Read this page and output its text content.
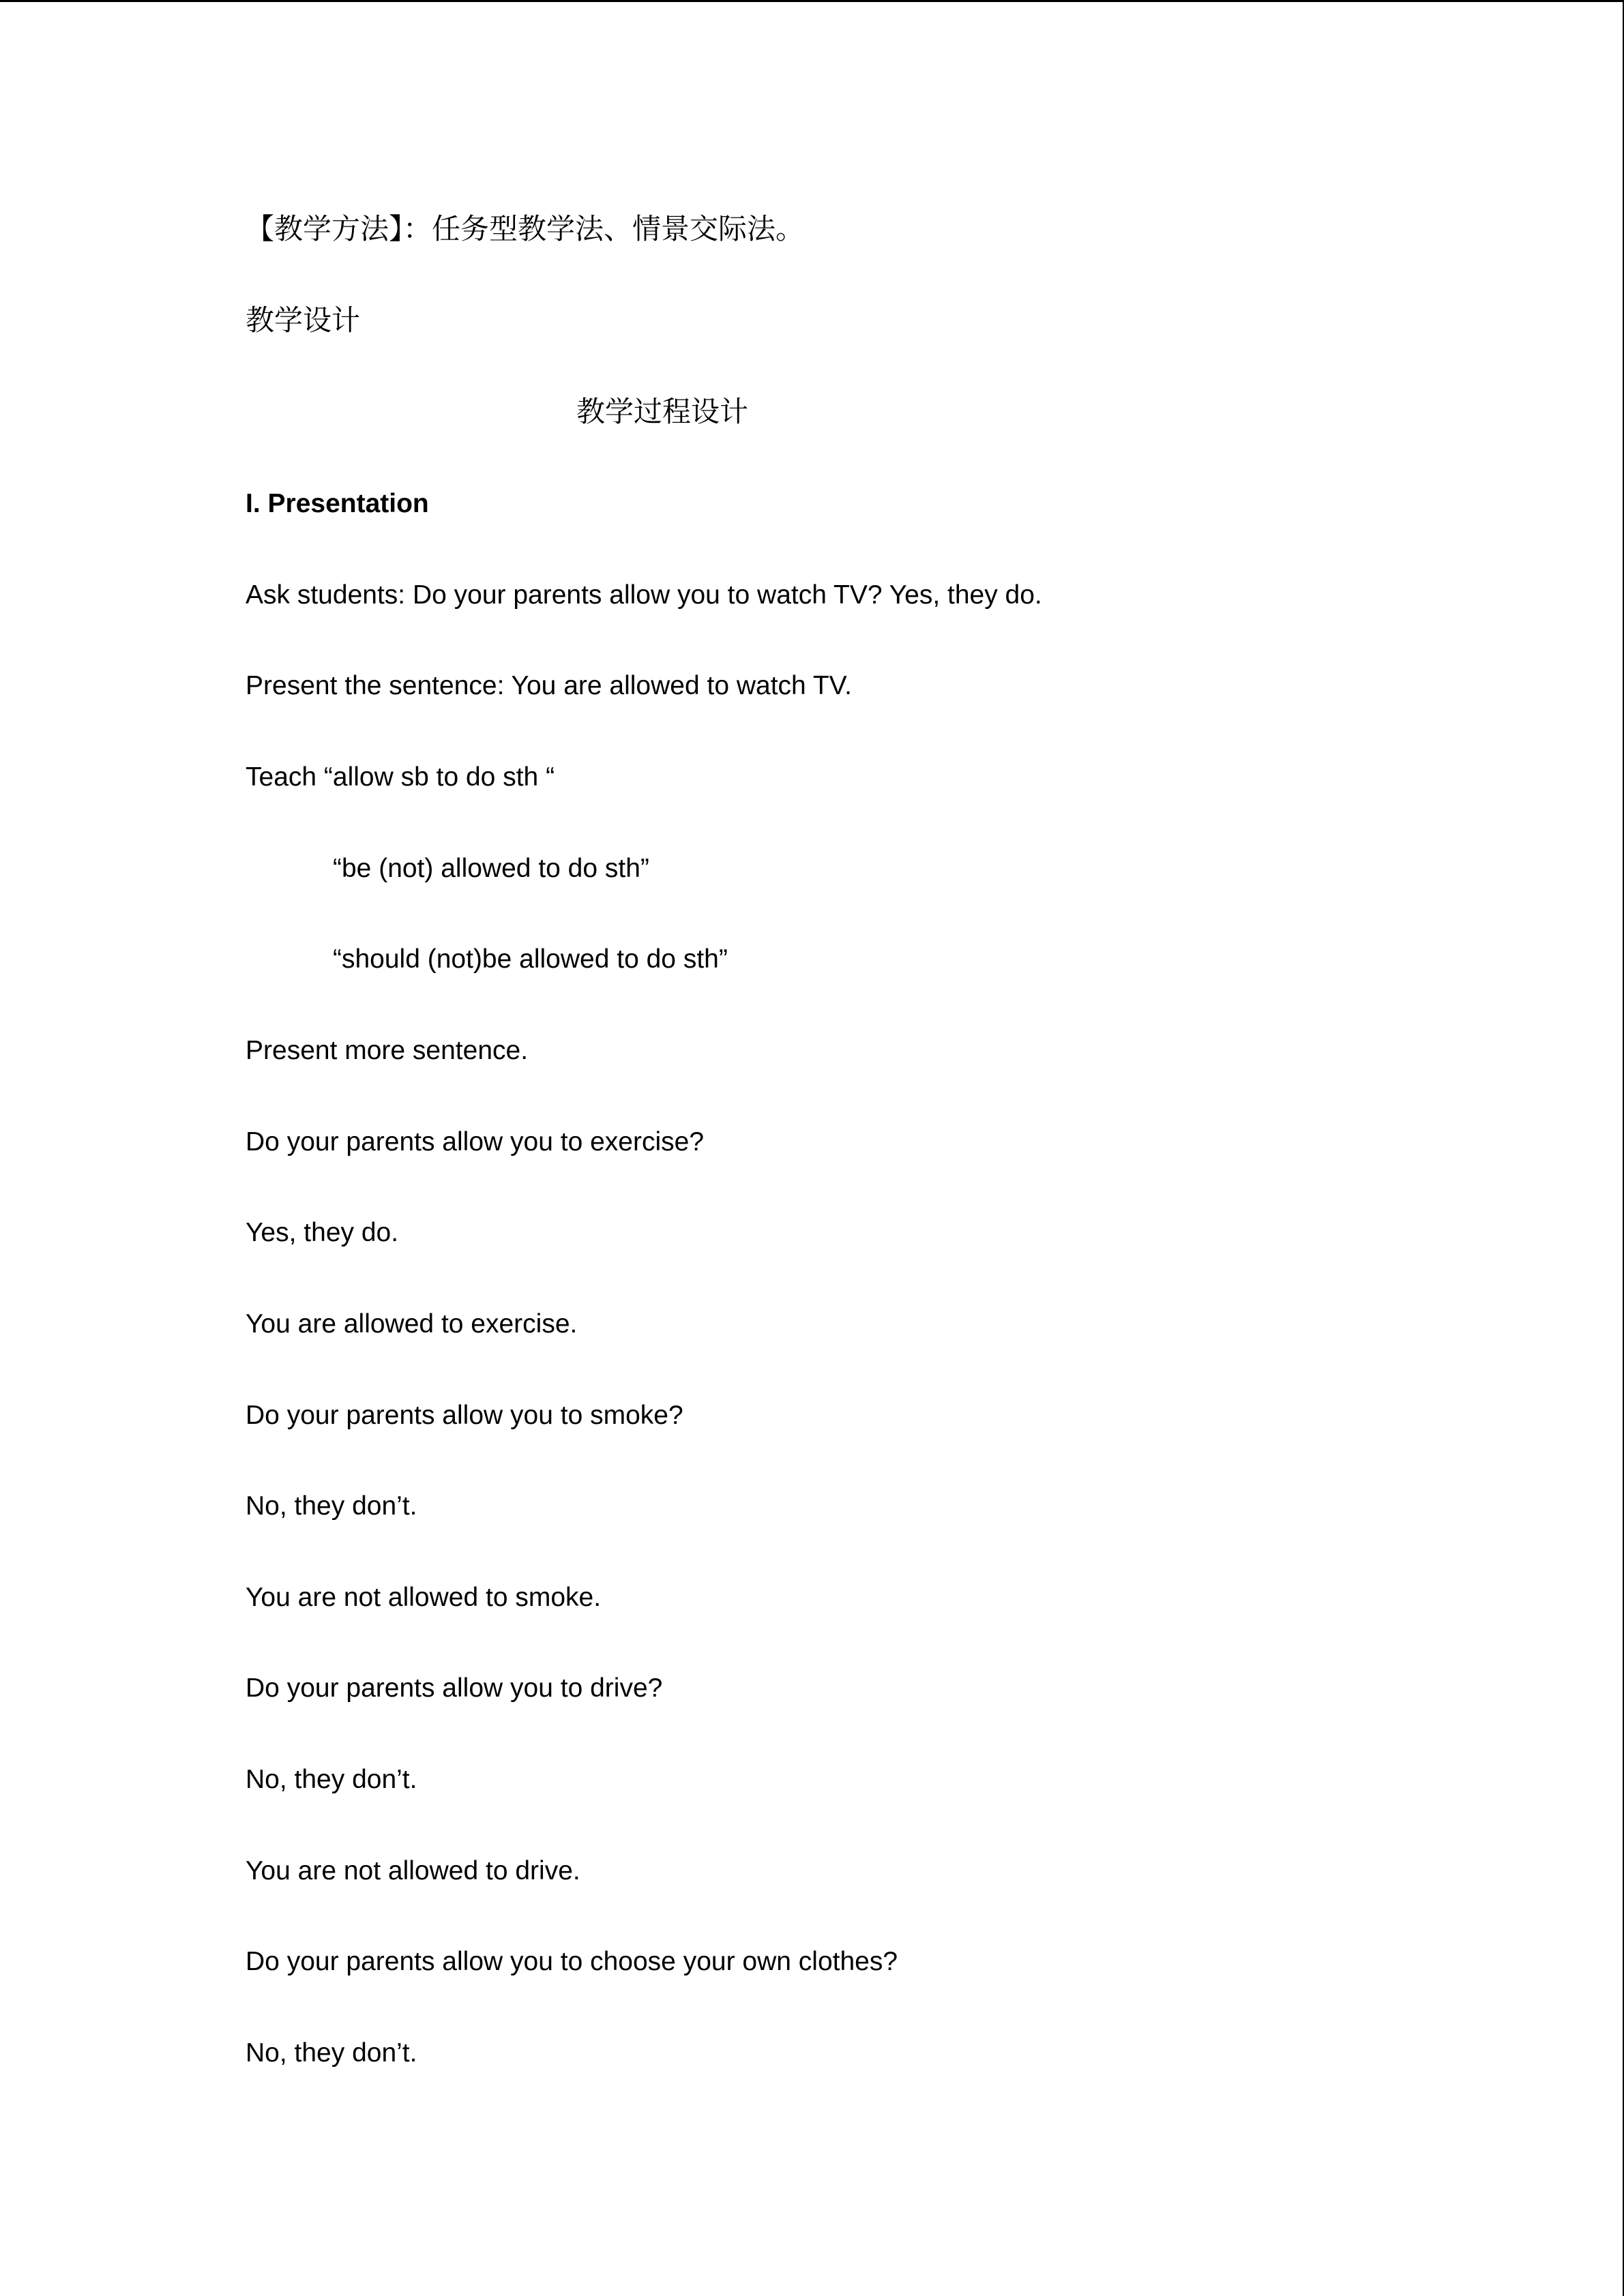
【教学方法】：任务型教学法、情景交际法。
教学设计
教学过程设计
I. Presentation
Ask students: Do your parents allow you to watch TV? Yes, they do.
Present the sentence: You are allowed to watch TV.
Teach “allow sb to do sth “
“be (not) allowed to do sth”
“should (not)be allowed to do sth”
Present more sentence.
Do your parents allow you to exercise?
Yes, they do.
You are allowed to exercise.
Do your parents allow you to smoke?
No, they don’t.
You are not allowed to smoke.
Do your parents allow you to drive?
No, they don’t.
You are not allowed to drive.
Do your parents allow you to choose your own clothes?
No, they don’t.
